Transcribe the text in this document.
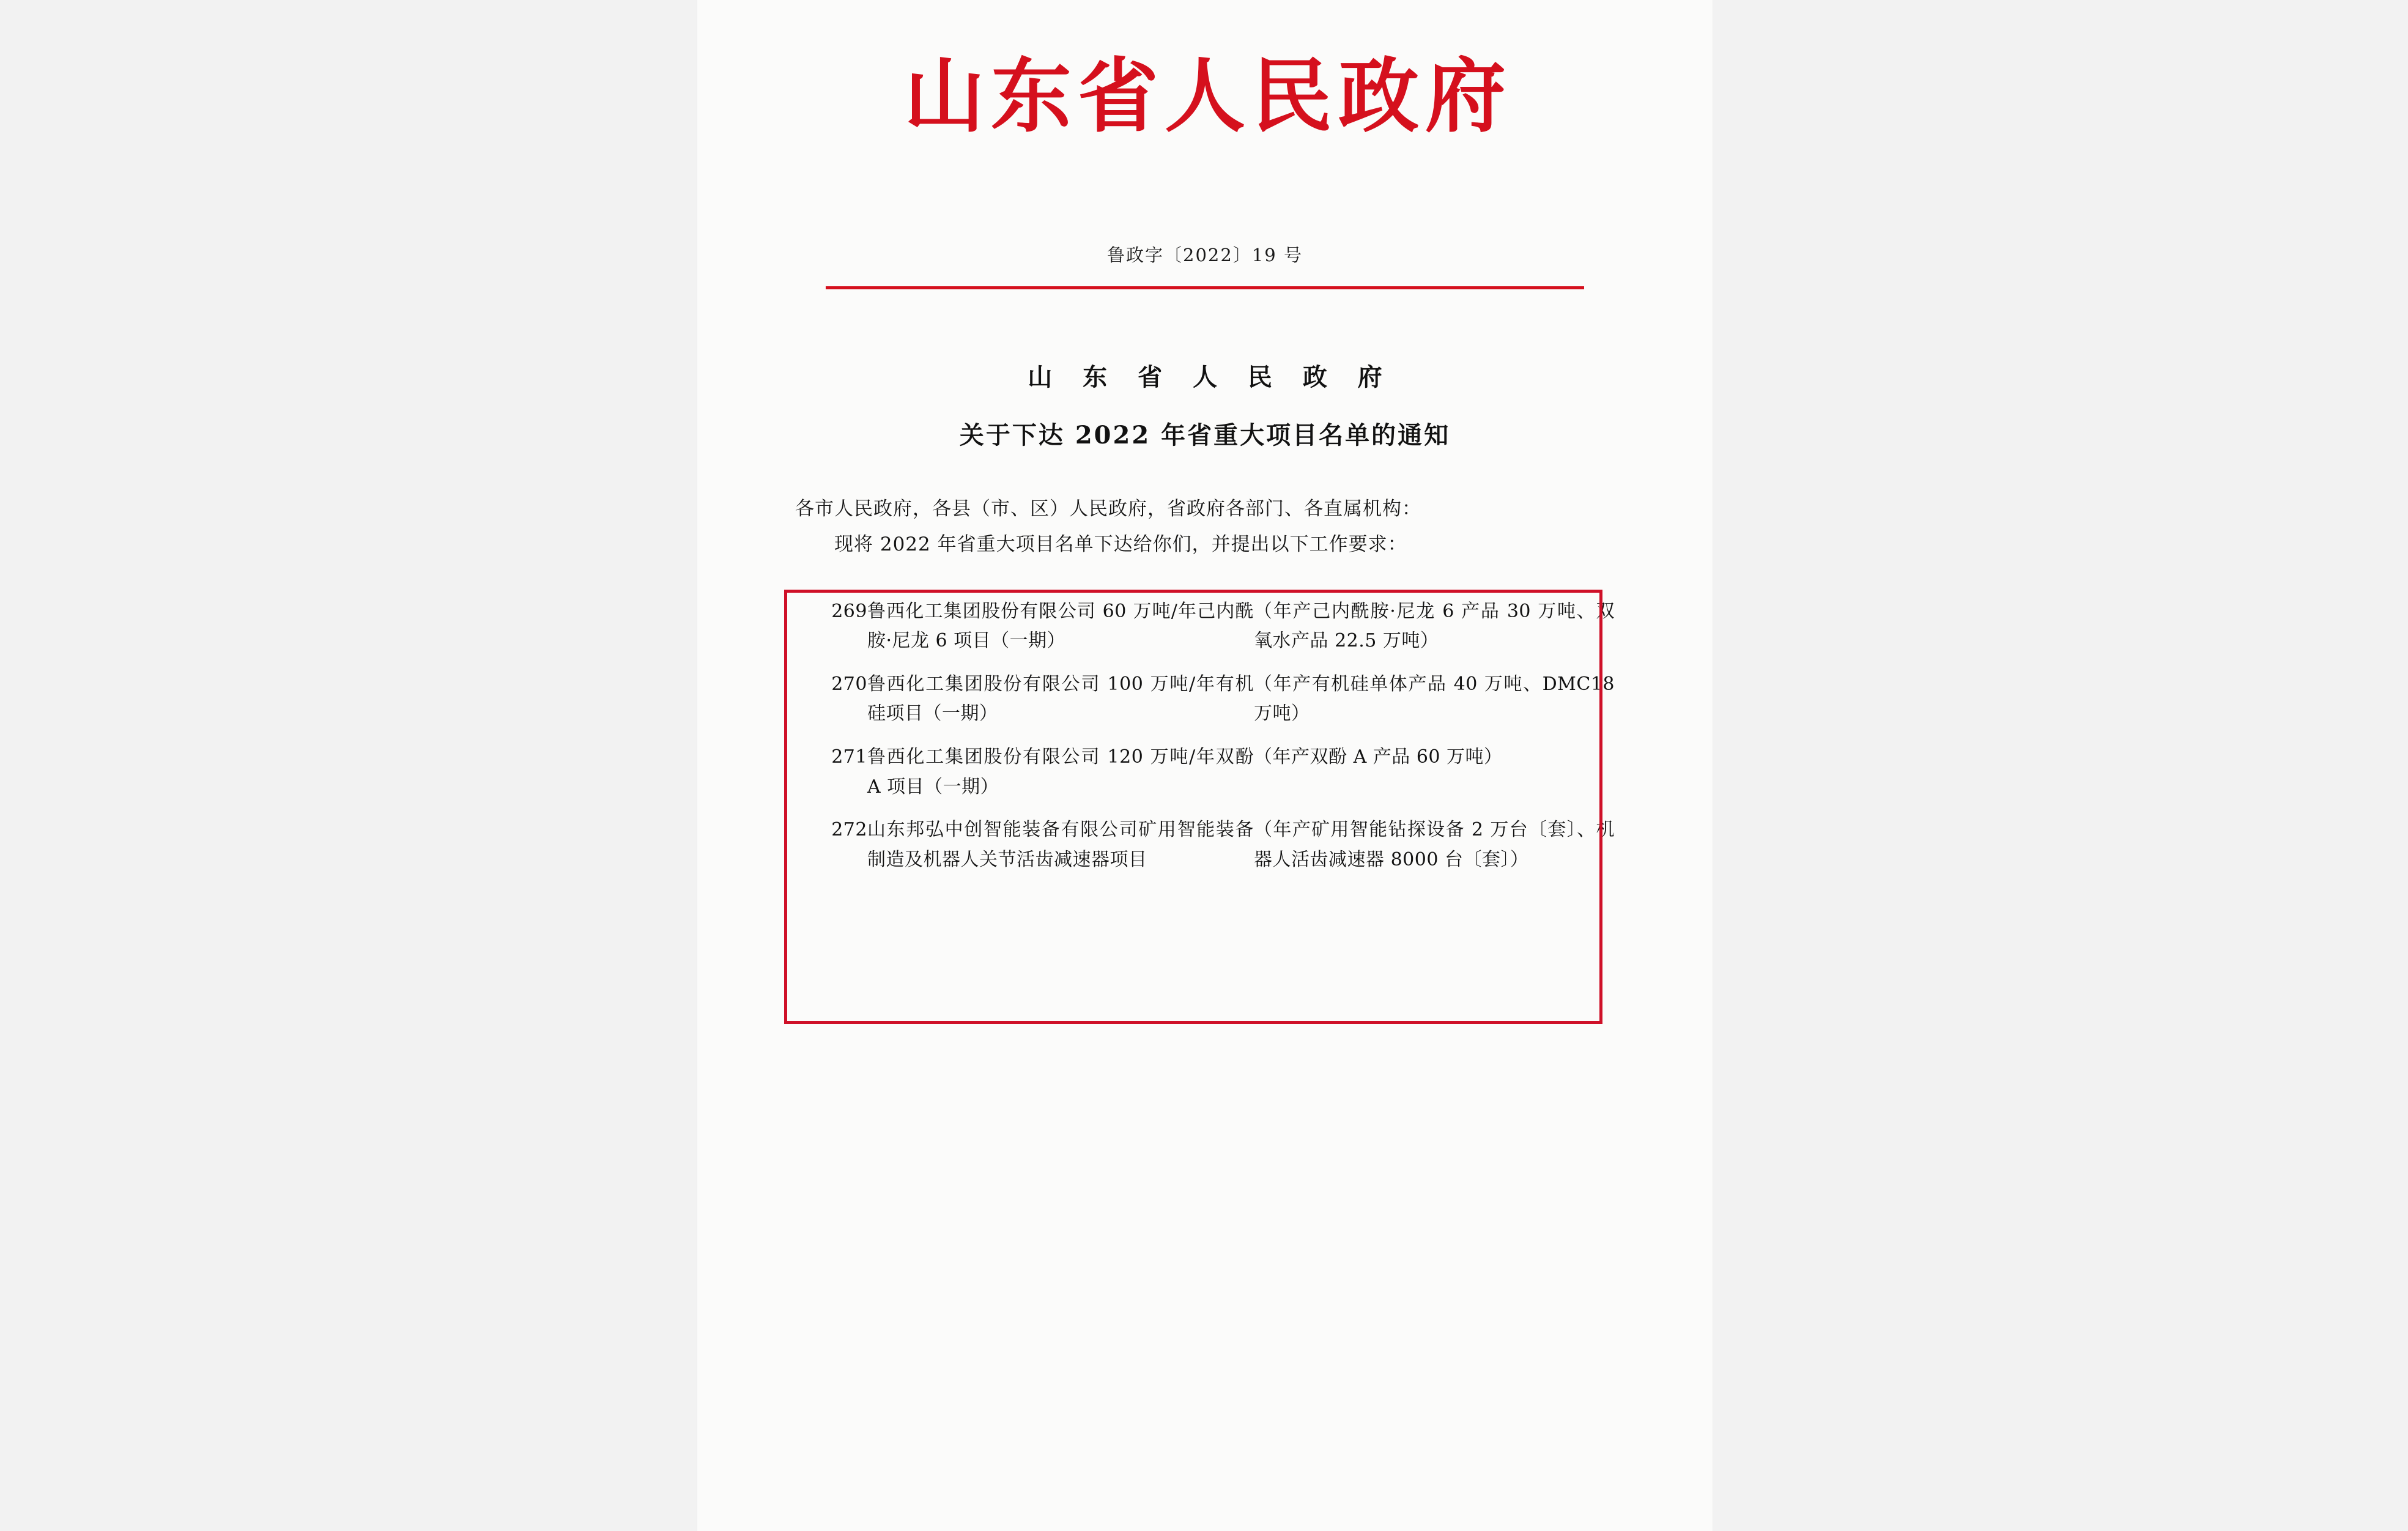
山东省人民政府
鲁政字〔2022〕19 号
山 东 省 人 民 政 府
关于下达 2022 年省重大项目名单的通知

各市人民政府，各县（市、区）人民政府，省政府各部门、各直属机构：

现将 2022 年省重大项目名单下达给你们，并提出以下工作要求：

269	鲁西化工集团股份有限公司 60 万吨/年己内酰胺·尼龙 6 项目（一期）	（年产己内酰胺·尼龙 6 产品 30 万吨、双氧水产品 22.5 万吨）
270	鲁西化工集团股份有限公司 100 万吨/年有机硅项目（一期）	（年产有机硅单体产品 40 万吨、DMC18 万吨）
271	鲁西化工集团股份有限公司 120 万吨/年双酚 A 项目（一期）	（年产双酚 A 产品 60 万吨）
272	山东邦弘中创智能装备有限公司矿用智能装备制造及机器人关节活齿减速器项目	（年产矿用智能钻探设备 2 万台〔套〕、机器人活齿减速器 8000 台〔套〕）
